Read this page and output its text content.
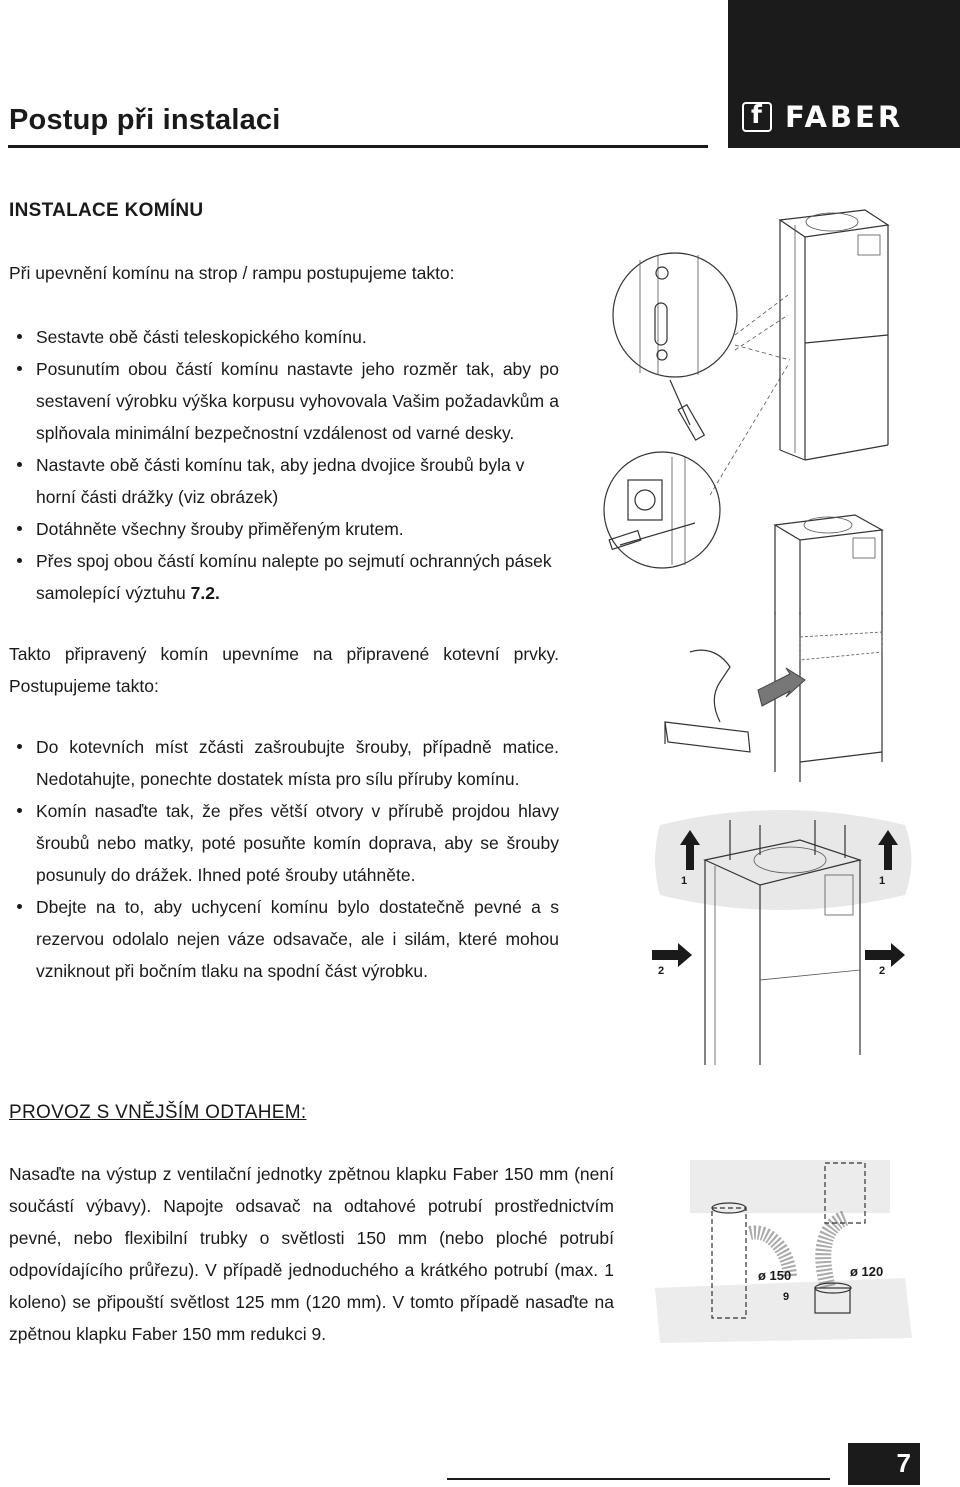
Postup při instalaci
f	FABER
INSTALACE KOMÍNU
Při upevnění komínu na strop / rampu postupujeme takto:
Sestavte obě části teleskopického komínu.
Posunutím obou částí komínu nastavte jeho rozměr tak, aby po sestavení výrobku výška korpusu vyhovovala Vašim požadavkům a splňovala minimální bezpečnostní vzdálenost od varné desky.
Nastavte obě části komínu tak, aby jedna dvojice šroubů byla v horní části drážky (viz obrázek)
Dotáhněte všechny šrouby přiměřeným krutem.
Přes spoj obou částí komínu nalepte po sejmutí ochranných pásek samolepící výztuhu 7.2.
Takto připravený komín upevníme na připravené kotevní prvky. Postupujeme takto:
Do kotevních míst zčásti zašroubujte šrouby, případně matice. Nedotahujte, ponechte dostatek místa pro sílu příruby komínu.
Komín nasaďte tak, že přes větší otvory v přírubě projdou hlavy šroubů nebo matky, poté posuňte komín doprava, aby se šrouby posunuly do drážek. Ihned poté šrouby utáhněte.
Dbejte na to, aby uchycení komínu bylo dostatečně pevné a s rezervou odolalo nejen váze odsavače, ale i silám, které mohou vzniknout při bočním tlaku na spodní část výrobku.
PROVOZ S VNĚJŠÍM ODTAHEM:
Nasaďte na výstup z ventilační jednotky zpětnou klapku Faber 150 mm (není součástí výbavy). Napojte odsavač na odtahové potrubí prostřednictvím pevné, nebo flexibilní trubky o světlosti 150 mm (nebo ploché potrubí odpovídajícího průřezu). V případě jednoduchého a krátkého potrubí (max. 1 koleno) se připouští světlost 125 mm (120 mm). V tomto případě nasaďte na zpětnou klapku Faber 150 mm redukci 9.
1	1
2	2
ø 150	ø 120
9
7
